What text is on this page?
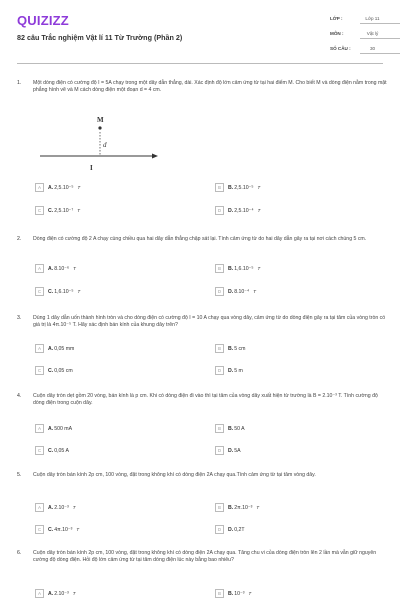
QUIZIZZ
82 câu Trắc nghiệm Vật lí 11 Từ Trường (Phần 2)
LỚP :	Lớp 11
MÔN :	Vật lý
SỐ CÂU :	30
1. Một dòng điện có cường độ I = 5A chạy trong một dây dẫn thẳng, dài. Xác định độ lớn cảm ứng từ tại hai điểm M. Cho biết M và dòng điện nằm trong mặt phẳng hình vẽ và M cách dòng điện một đoạn d = 4 cm.
M
d
I
A	A. 2,5.10⁻⁵ T	B	B. 2,5.10⁻⁵ T
C	C. 2,5.10⁻⁷ T	D	D. 2,5.10⁻⁴ T
2. Dòng điện có cường độ 2 A chạy cùng chiều qua hai dây dẫn thẳng chập sát lại. Tính cảm ứng từ do hai dây dẫn gây ra tại nơi cách chúng 5 cm.
A	A. 8.10⁻⁶ T	B	B. 1,6.10⁻⁵ T
C	C. 1,6.10⁻⁵ T	D	D. 8.10⁻⁴ T
3. Dùng 1 dây dẫn uốn thành hình tròn và cho dòng điện có cường độ I = 10 A chạy qua vòng dây, cảm ứng từ do dòng điện gây ra tại tâm của vòng tròn có giá trị là 4π.10⁻⁵ T. Hãy xác định bán kính của khung dây trên?
A	A. 0,05 mm	B	B. 5 cm
C	C. 0,05 cm	D	D. 5 m
4. Cuộn dây tròn dẹt gồm 20 vòng, bán kính là p cm. Khi có dòng điện đi vào thì tại tâm của vòng dây xuất hiện từ trường là B = 2.10⁻³ T. Tính cường độ dòng điện trong cuộn dây.
A	A. 500 mA	B	B. 50 A
C	C. 0,05 A	D	D. 5A
5. Cuộn dây tròn bán kính 2p cm, 100 vòng, đặt trong không khí có dòng điện 2A chạy qua.Tính cảm ứng từ tại tâm vòng dây.
A	A. 2.10⁻³ T	B	B. 2π.10⁻³ T
C	C. 4π.10⁻³ T	D	D. 0,2T
6. Cuộn dây tròn bán kính 2p cm, 100 vòng, đặt trong không khí có dòng điện 2A chạy qua. Tăng chu vi của dòng điện tròn lên 2 lần mà vẫn giữ nguyên cường độ dòng điện. Hỏi độ lớn cảm ứng từ tại tâm dòng điện lúc này bằng bao nhiêu?
A	A. 2.10⁻³ T	B	B. 10⁻³ T
